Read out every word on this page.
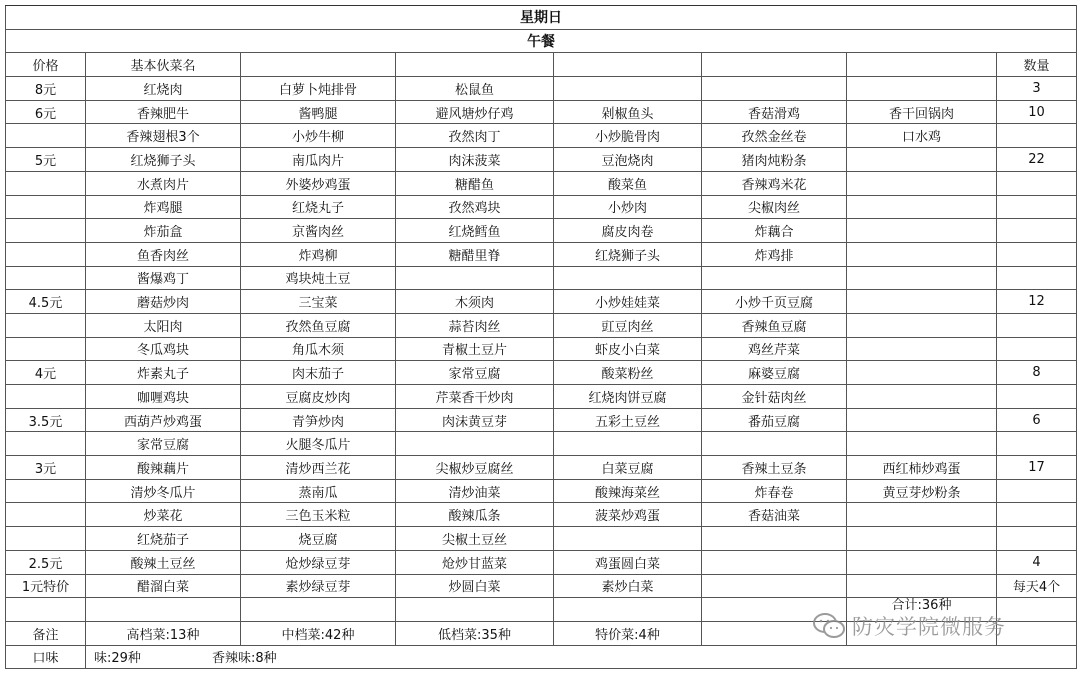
星期日							
午餐							
价格	基本伙菜名						数量
8元	红烧肉	白萝卜炖排骨	松鼠鱼				3
6元	香辣肥牛	酱鸭腿	避风塘炒仔鸡	剁椒鱼头	香菇滑鸡	香干回锅肉	10
	香辣翅根3个	小炒牛柳	孜然肉丁	小炒脆骨肉	孜然金丝卷	口水鸡	
5元	红烧狮子头	南瓜肉片	肉沫菠菜	豆泡烧肉	猪肉炖粉条		22
	水煮肉片	外婆炒鸡蛋	糖醋鱼	酸菜鱼	香辣鸡米花		
	炸鸡腿	红烧丸子	孜然鸡块	小炒肉	尖椒肉丝		
	炸茄盒	京酱肉丝	红烧鳕鱼	腐皮肉卷	炸藕合		
	鱼香肉丝	炸鸡柳	糖醋里脊	红烧狮子头	炸鸡排		
	酱爆鸡丁	鸡块炖土豆					
4.5元	蘑菇炒肉	三宝菜	木须肉	小炒娃娃菜	小炒千页豆腐		12
	太阳肉	孜然鱼豆腐	蒜苔肉丝	豇豆肉丝	香辣鱼豆腐		
	冬瓜鸡块	角瓜木须	青椒土豆片	虾皮小白菜	鸡丝芹菜		
4元	炸素丸子	肉末茄子	家常豆腐	酸菜粉丝	麻婆豆腐		8
	咖喱鸡块	豆腐皮炒肉	芹菜香干炒肉	红烧肉饼豆腐	金针菇肉丝		
3.5元	西葫芦炒鸡蛋	青笋炒肉	肉沫黄豆芽	五彩土豆丝	番茄豆腐		6
	家常豆腐	火腿冬瓜片					
3元	酸辣藕片	清炒西兰花	尖椒炒豆腐丝	白菜豆腐	香辣土豆条	西红柿炒鸡蛋	17
	清炒冬瓜片	蒸南瓜	清炒油菜	酸辣海菜丝	炸春卷	黄豆芽炒粉条	
	炒菜花	三色玉米粒	酸辣瓜条	菠菜炒鸡蛋	香菇油菜		
	红烧茄子	烧豆腐	尖椒土豆丝				
2.5元	酸辣土豆丝	炝炒绿豆芽	炝炒甘蓝菜	鸡蛋圆白菜			4
1元特价	醋溜白菜	素炒绿豆芽	炒圆白菜	素炒白菜			每天4个
						合计:36种	
备注	高档菜:13种	中档菜:42种	低档菜:35种	特价菜:4种			
口味	味:29种 香辣味:8种						
防灾学院微服务
